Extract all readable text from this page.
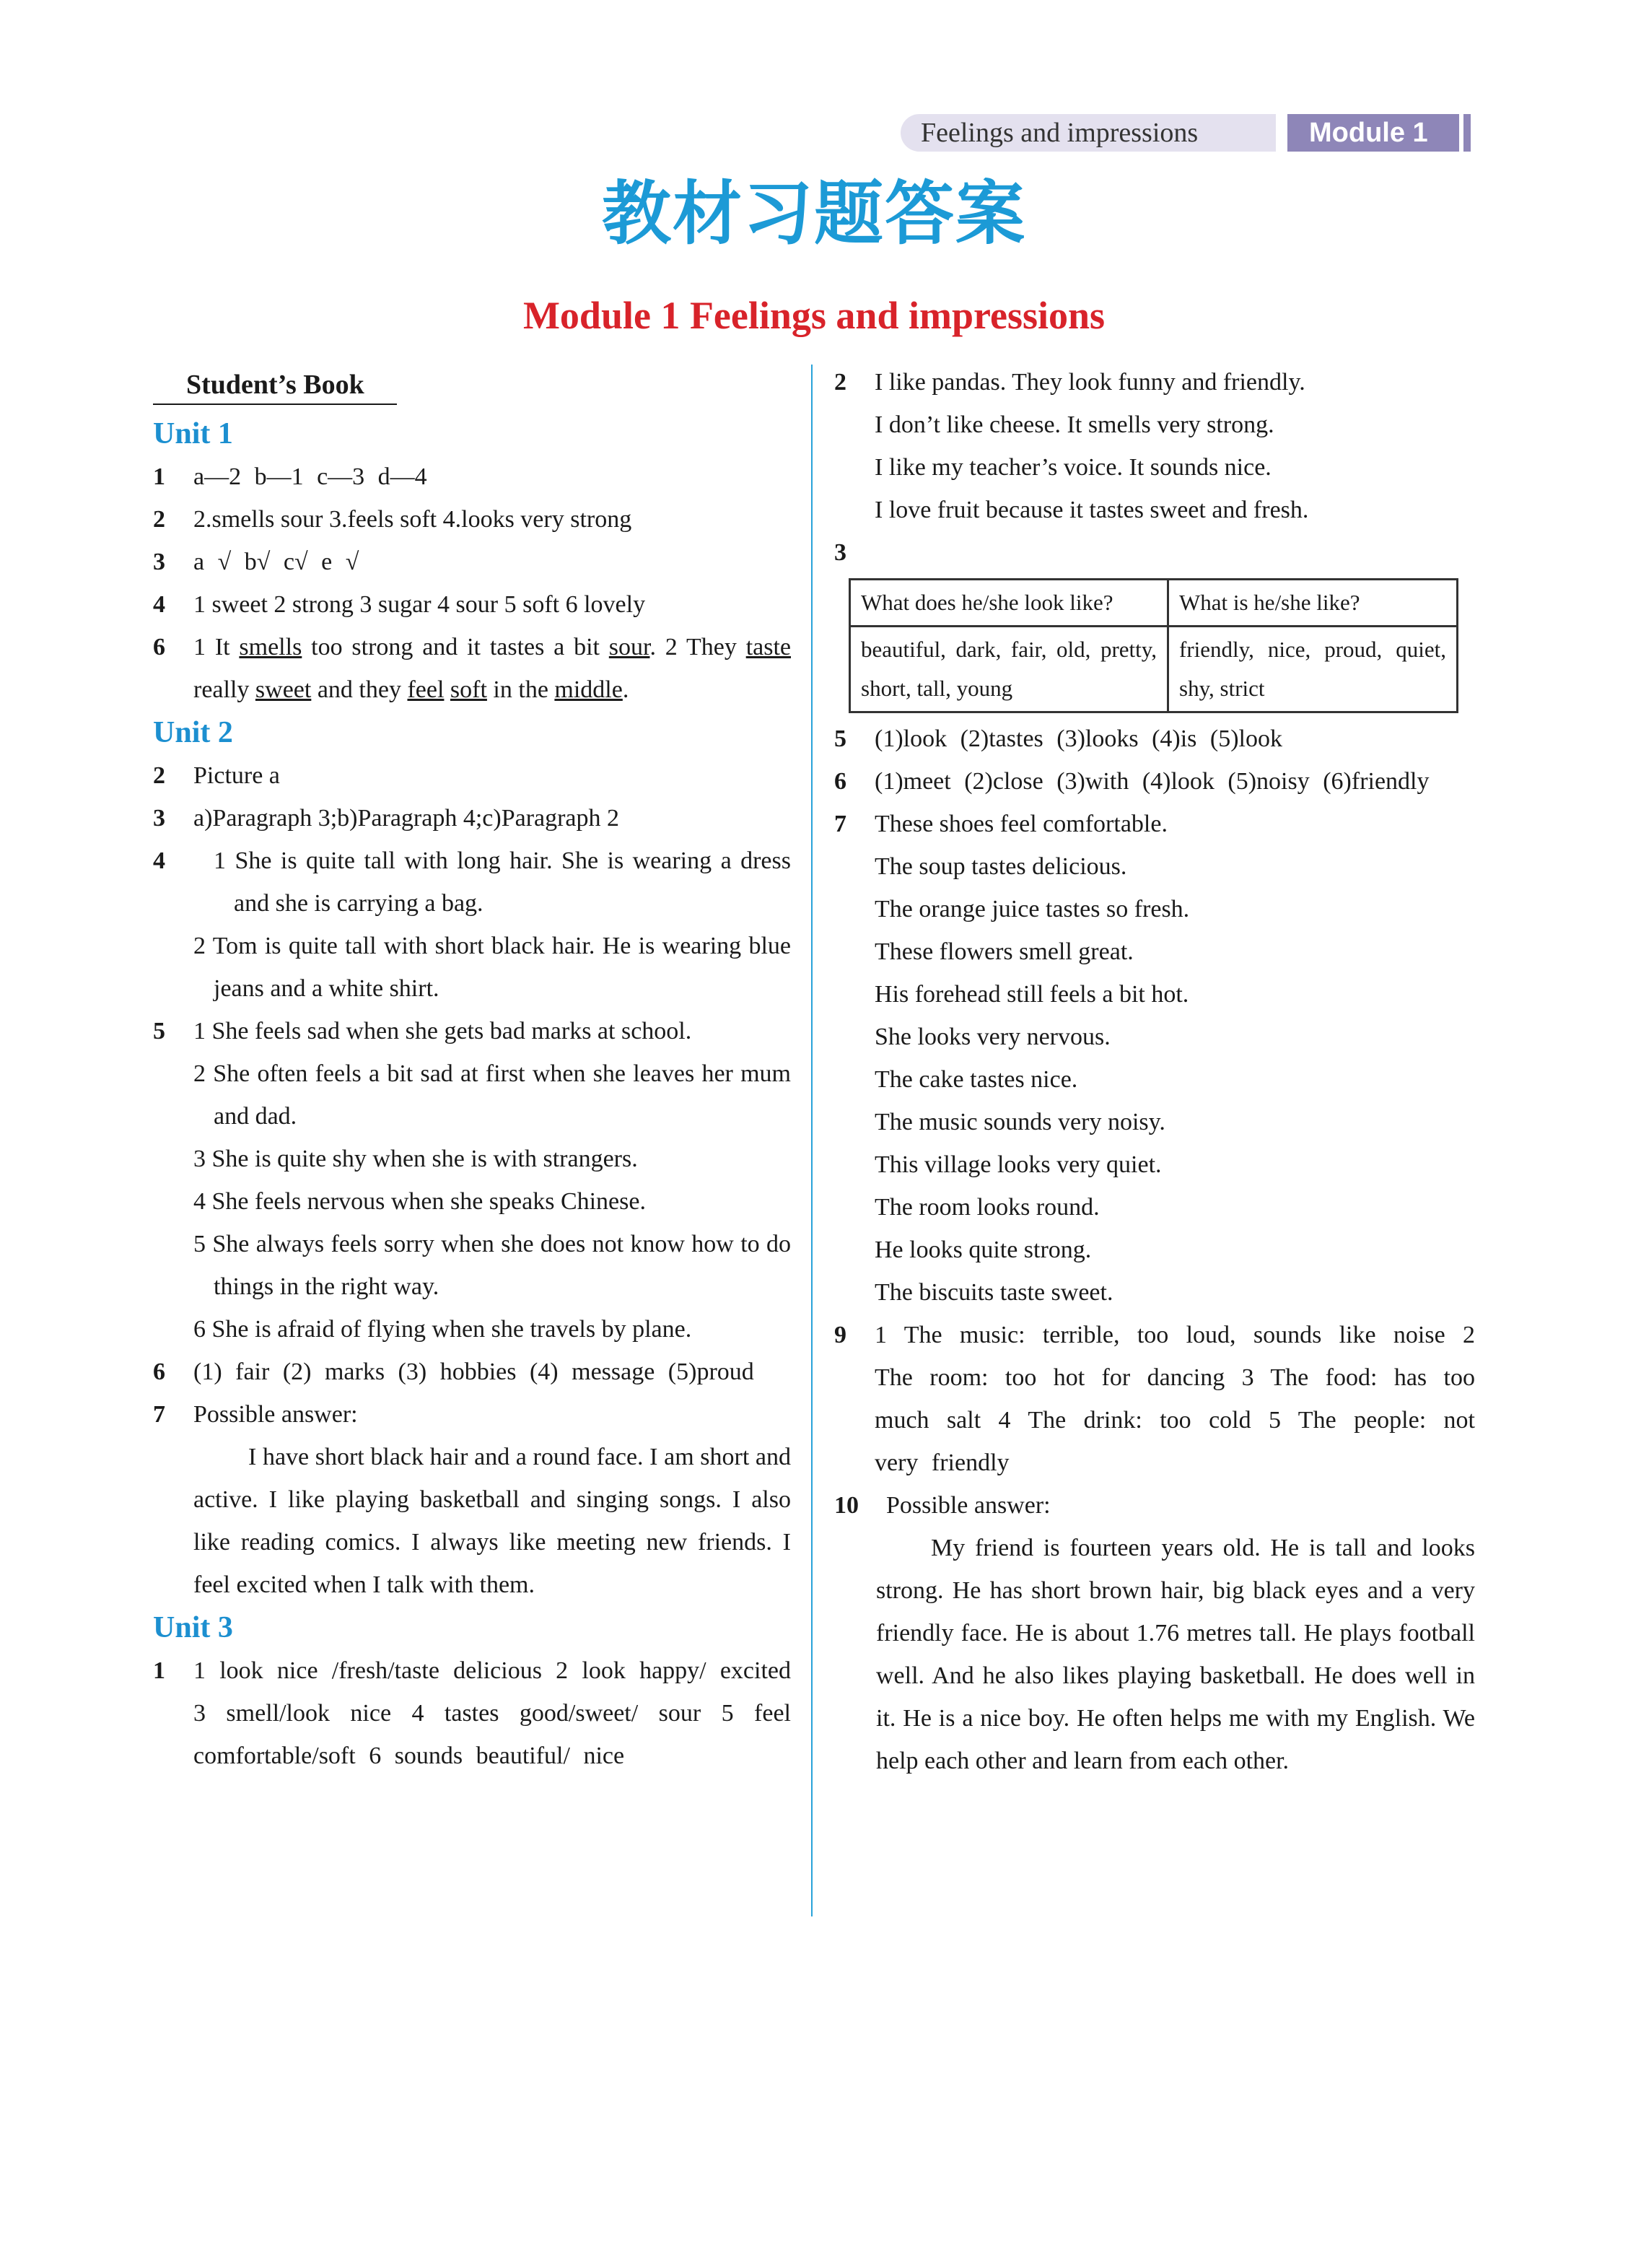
Feelings and impressions	Module 1
教材习题答案
Module 1 Feelings and impressions
Student’s Book
Unit 1
1 a—2 b—1 c—3 d—4
2 2.smells sour 3.feels soft 4.looks very strong
3 a √ b√ c√ e √
4 1 sweet 2 strong 3 sugar 4 sour 5 soft 6 lovely
6 1 It smells too strong and it tastes a bit sour. 2 They taste really sweet and they feel soft in the middle.
Unit 2
2 Picture a
3 a)Paragraph 3;b)Paragraph 4;c)Paragraph 2
4 1 She is quite tall with long hair. She is wearing a dress and she is carrying a bag.
2 Tom is quite tall with short black hair. He is wearing blue jeans and a white shirt.
5 1 She feels sad when she gets bad marks at school.
2 She often feels a bit sad at first when she leaves her mum and dad.
3 She is quite shy when she is with strangers.
4 She feels nervous when she speaks Chinese.
5 She always feels sorry when she does not know how to do things in the right way.
6 She is afraid of flying when she travels by plane.
6 (1) fair (2) marks (3) hobbies (4) message (5)proud
7 Possible answer:
I have short black hair and a round face. I am short and active. I like playing basketball and singing songs. I also like reading comics. I always like meeting new friends. I feel excited when I talk with them.
Unit 3
1 1 look nice /fresh/taste delicious 2 look happy/ excited 3 smell/look nice 4 tastes good/sweet/ sour 5 feel comfortable/soft 6 sounds beautiful/ nice
2 I like pandas. They look funny and friendly.
I don’t like cheese. It smells very strong.
I like my teacher’s voice. It sounds nice.
I love fruit because it tastes sweet and fresh.
3

What does he/she look like?	What is he/she like?
beautiful, dark, fair, old, pretty, short, tall, young	friendly, nice, proud, quiet, shy, strict
5 (1)look (2)tastes (3)looks (4)is (5)look
6 (1)meet (2)close (3)with (4)look (5)noisy (6)friendly
7 These shoes feel comfortable.
The soup tastes delicious.
The orange juice tastes so fresh.
These flowers smell great.
His forehead still feels a bit hot.
She looks very nervous.
The cake tastes nice.
The music sounds very noisy.
This village looks very quiet.
The room looks round.
He looks quite strong.
The biscuits taste sweet.
9 1 The music: terrible, too loud, sounds like noise 2 The room: too hot for dancing 3 The food: has too much salt 4 The drink: too cold 5 The people: not very friendly
10 Possible answer:
My friend is fourteen years old. He is tall and looks strong. He has short brown hair, big black eyes and a very friendly face. He is about 1.76 metres tall. He plays football well. And he also likes playing basketball. He does well in it. He is a nice boy. He often helps me with my English. We help each other and learn from each other.
